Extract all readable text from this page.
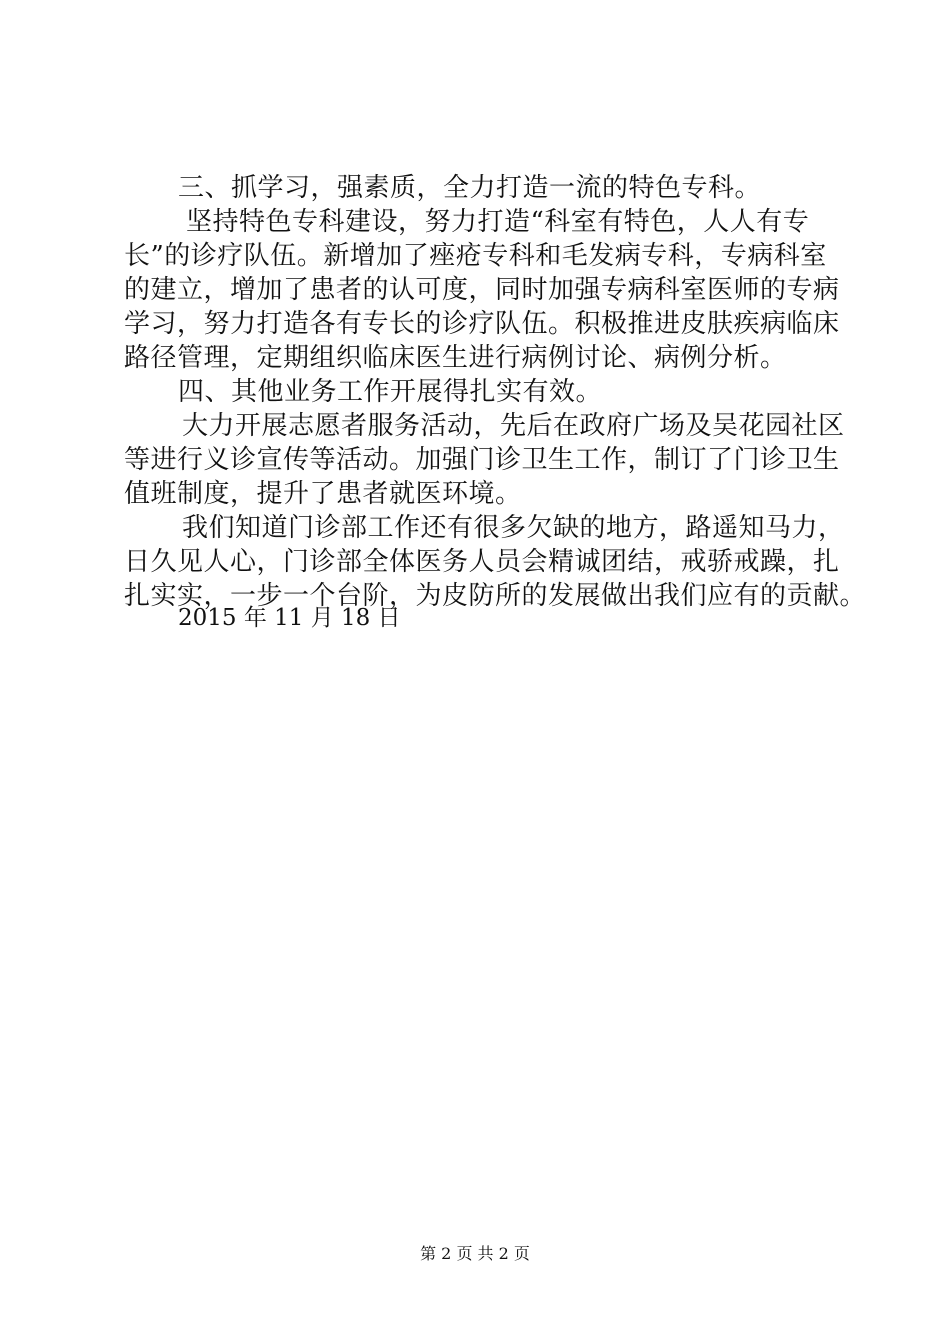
三、抓学习，强素质，全力打造一流的特色专科。
坚持特色专科建设，努力打造“科室有特色，人人有专
长”的诊疗队伍。新增加了痤疮专科和毛发病专科，专病科室
的建立，增加了患者的认可度，同时加强专病科室医师的专病
学习，努力打造各有专长的诊疗队伍。积极推进皮肤疾病临床
路径管理，定期组织临床医生进行病例讨论、病例分析。
四、其他业务工作开展得扎实有效。
大力开展志愿者服务活动，先后在政府广场及吴花园社区
等进行义诊宣传等活动。加强门诊卫生工作，制订了门诊卫生
值班制度，提升了患者就医环境。
我们知道门诊部工作还有很多欠缺的地方，路遥知马力，
日久见人心，门诊部全体医务人员会精诚团结，戒骄戒躁，扎
扎实实，一步一个台阶，为皮防所的发展做出我们应有的贡献。
2015 年 11 月 18 日
第 2 页 共 2 页
